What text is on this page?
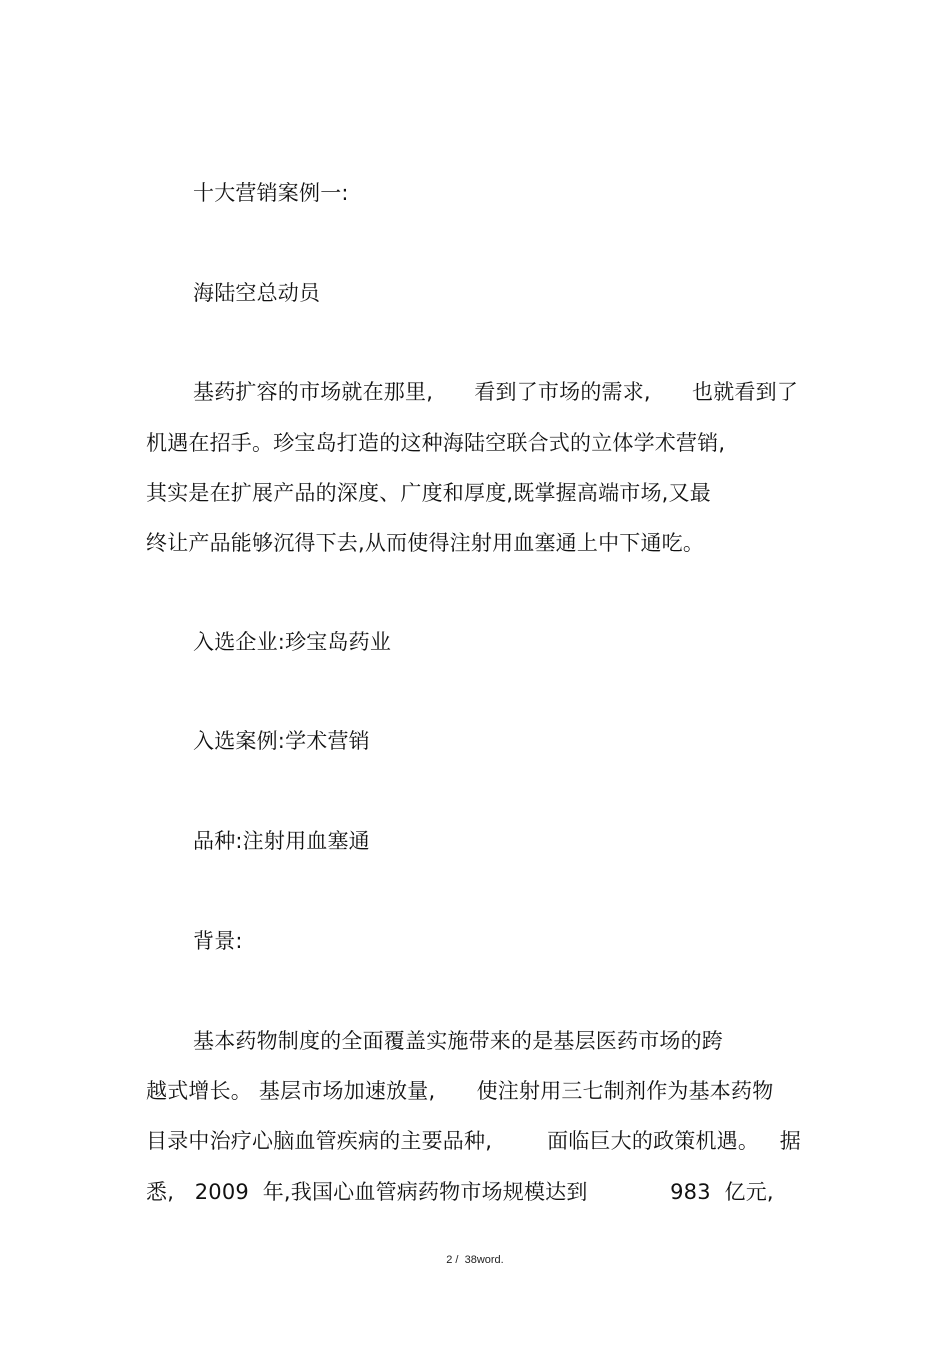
十大营销案例一:
海陆空总动员
基药扩容的市场就在那里,      看到了市场的需求,      也就看到了
机遇在招手。珍宝岛打造的这种海陆空联合式的立体学术营销,
其实是在扩展产品的深度、广度和厚度,既掌握高端市场,又最
终让产品能够沉得下去,从而使得注射用血塞通上中下通吃。
入选企业:珍宝岛药业
入选案例:学术营销
品种:注射用血塞通
背景:
基本药物制度的全面覆盖实施带来的是基层医药市场的跨
越式增长。 基层市场加速放量,      使注射用三七制剂作为基本药物
目录中治疗心脑血管疾病的主要品种,        面临巨大的政策机遇。   据
悉,   2009  年,我国心血管病药物市场规模达到            983  亿元,
2 /  38word.
